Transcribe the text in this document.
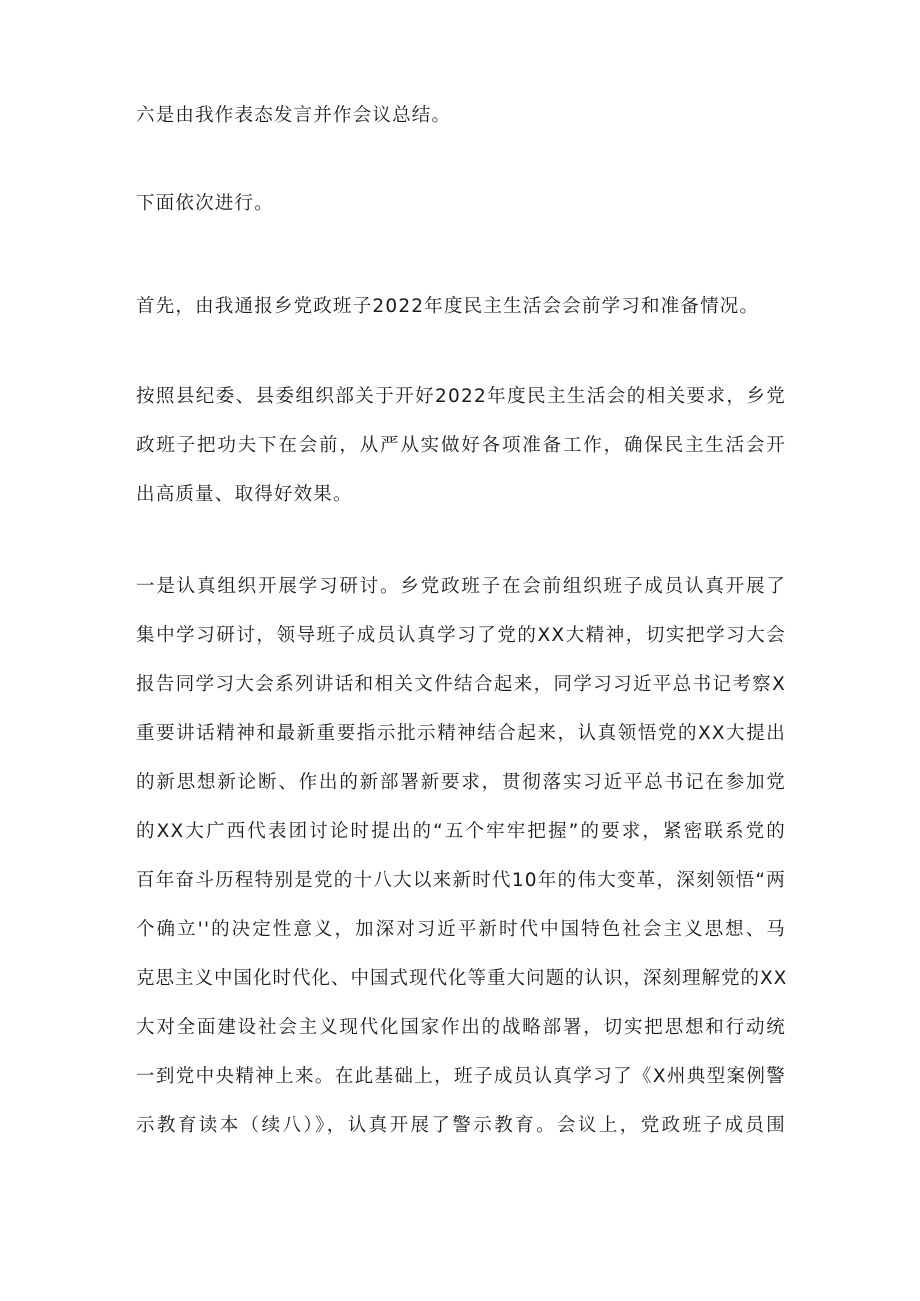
六是由我作表态发言并作会议总结。
下面依次进行。
首先，由我通报乡党政班子2022年度民主生活会会前学习和准备情况。
按照县纪委、县委组织部关于开好2022年度民主生活会的相关要求，乡党
政班子把功夫下在会前，从严从实做好各项准备工作，确保民主生活会开
出高质量、取得好效果。
一是认真组织开展学习研讨。乡党政班子在会前组织班子成员认真开展了
集中学习研讨，领导班子成员认真学习了党的XX大精神，切实把学习大会
报告同学习大会系列讲话和相关文件结合起来，同学习习近平总书记考察X
重要讲话精神和最新重要指示批示精神结合起来，认真领悟党的XX大提出
的新思想新论断、作出的新部署新要求，贯彻落实习近平总书记在参加党
的XX大广西代表团讨论时提出的“五个牢牢把握”的要求，紧密联系党的
百年奋斗历程特别是党的十八大以来新时代10年的伟大变革，深刻领悟“两
个确立''的决定性意义，加深对习近平新时代中国特色社会主义思想、马
克思主义中国化时代化、中国式现代化等重大问题的认识，深刻理解党的XX
大对全面建设社会主义现代化国家作出的战略部署，切实把思想和行动统
一到党中央精神上来。在此基础上，班子成员认真学习了《X州典型案例警
示教育读本（续八）》，认真开展了警示教育。会议上，党政班子成员围
